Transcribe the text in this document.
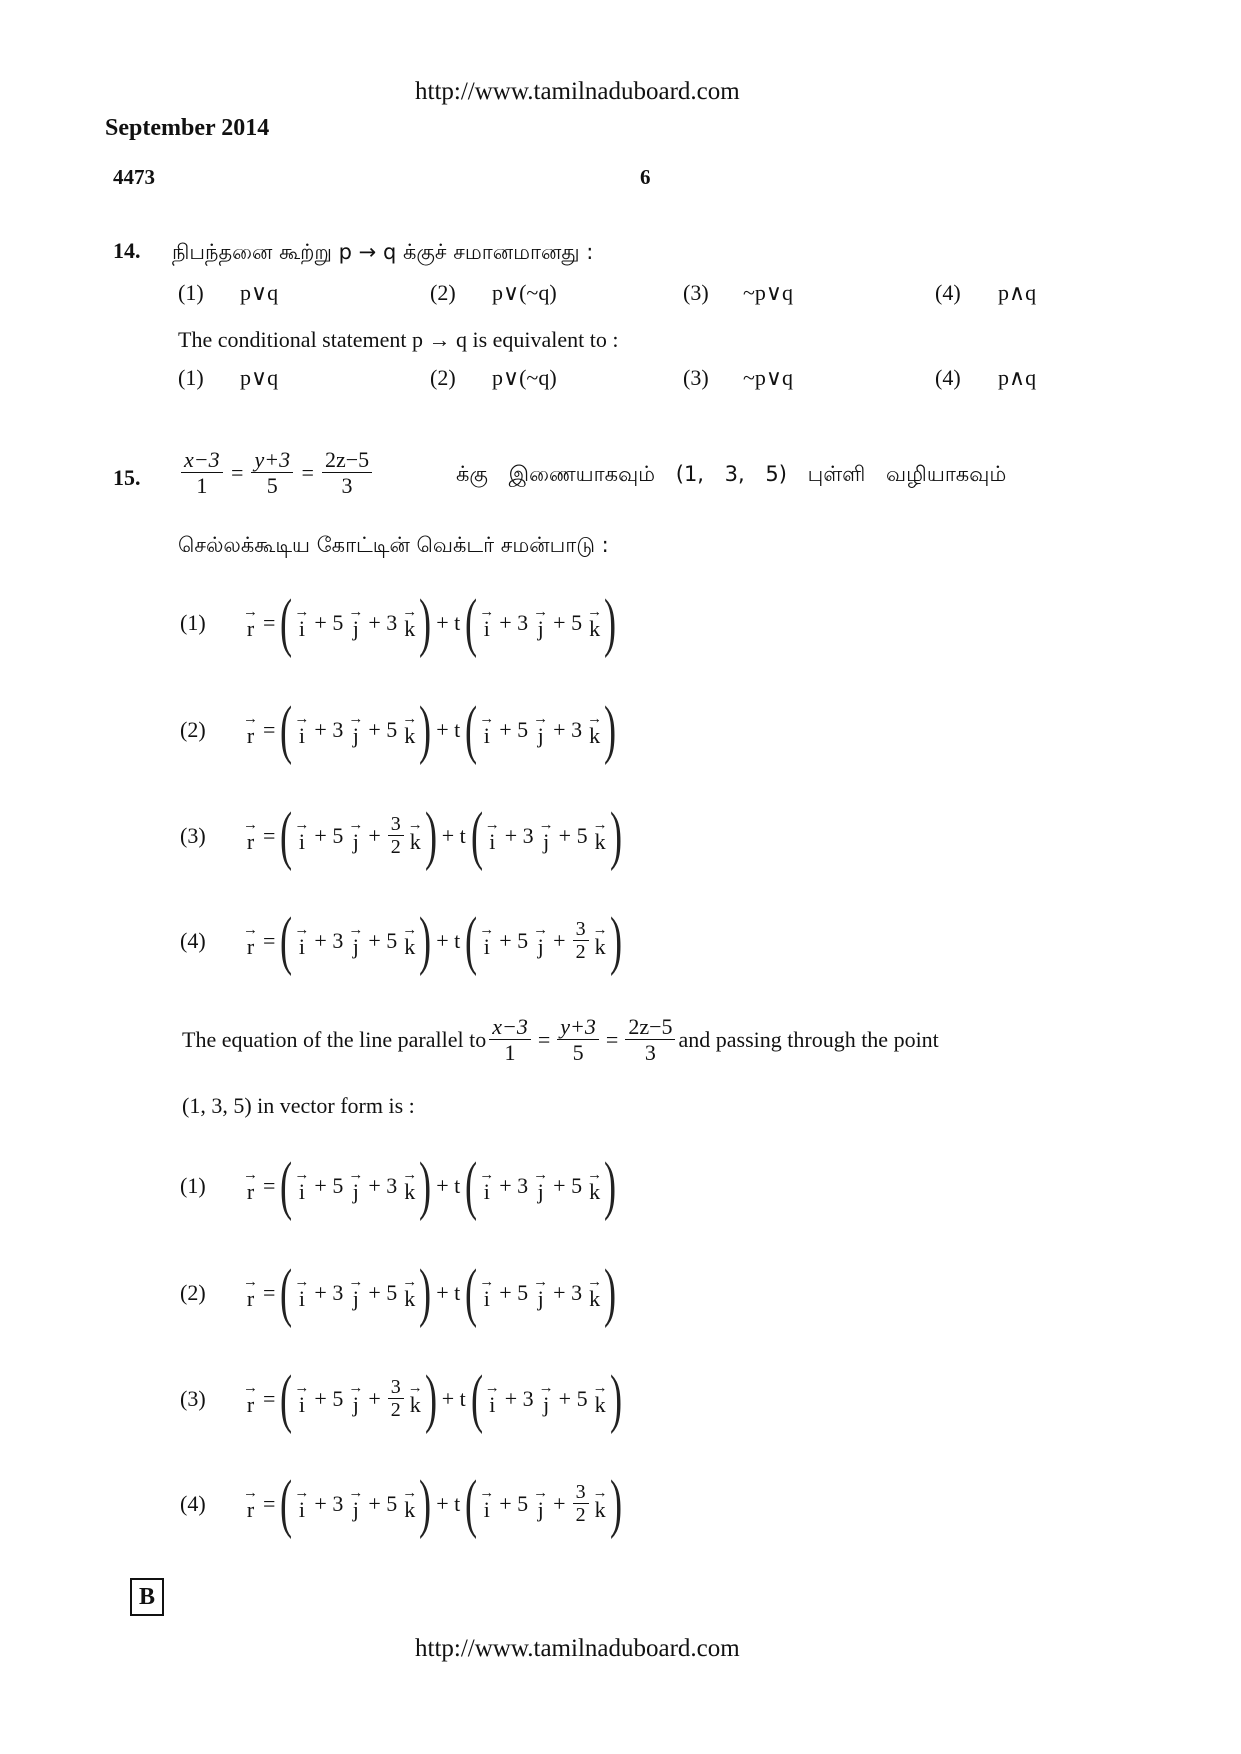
http://www.tamilnaduboard.com
September 2014
4473	6
14. நிபந்தனை கூற்று p → q க்குச் சமானமானது :
(1) p∨q	(2) p∨(~q)	(3) ~p∨q	(4) p∧q
The conditional statement p → q is equivalent to :
(1) p∨q	(2) p∨(~q)	(3) ~p∨q	(4) p∧q
15. $\frac{x-3}{1} = \frac{y+3}{5} = \frac{2z-5}{3}$	க்கு இணையாகவும் (1, 3, 5) புள்ளி வழியாகவும்
செல்லக்கூடிய கோட்டின் வெக்டர் சமன்பாடு :
(1)	→
r = ( →
i + 5 →
j + 3 →
k ) + t ( →
i + 3 →
j + 5 →
k )
(2)	→
r = ( →
i + 3 →
j + 5 →
k ) + t ( →
i + 5 →
j + 3 →
k )
(3)	→
r = ( →
i + 5 →
$j + \frac{3}{2}$ →
k ) + t ( →
i + 3 →
j + 5 →
k )
(4)	→
r = ( →
i + 3 →
j + 5 →
k ) + t ( →
i + 5 →
$j + \frac{3}{2}$ →
k )
The equation of the line parallel to $\frac{x-3}{1} = \frac{y+3}{5} = \frac{2z-5}{3}$ and passing through the point
(1, 3, 5) in vector form is :
(1)	→
r = ( →
i + 5 →
j + 3 →
k ) + t ( →
i + 3 →
j + 5 →
k )
(2)	→
r = ( →
i + 3 →
j + 5 →
k ) + t ( →
i + 5 →
j + 3 →
k )
(3)	→
r = ( →
i + 5 →
$j + \frac{3}{2}$ →
k ) + t ( →
i + 3 →
j + 5 →
k )
(4)	→
r = ( →
i + 3 →
j + 5 →
k ) + t ( →
i + 5 →
$j + \frac{3}{2}$ →
k )
B
http://www.tamilnaduboard.com
